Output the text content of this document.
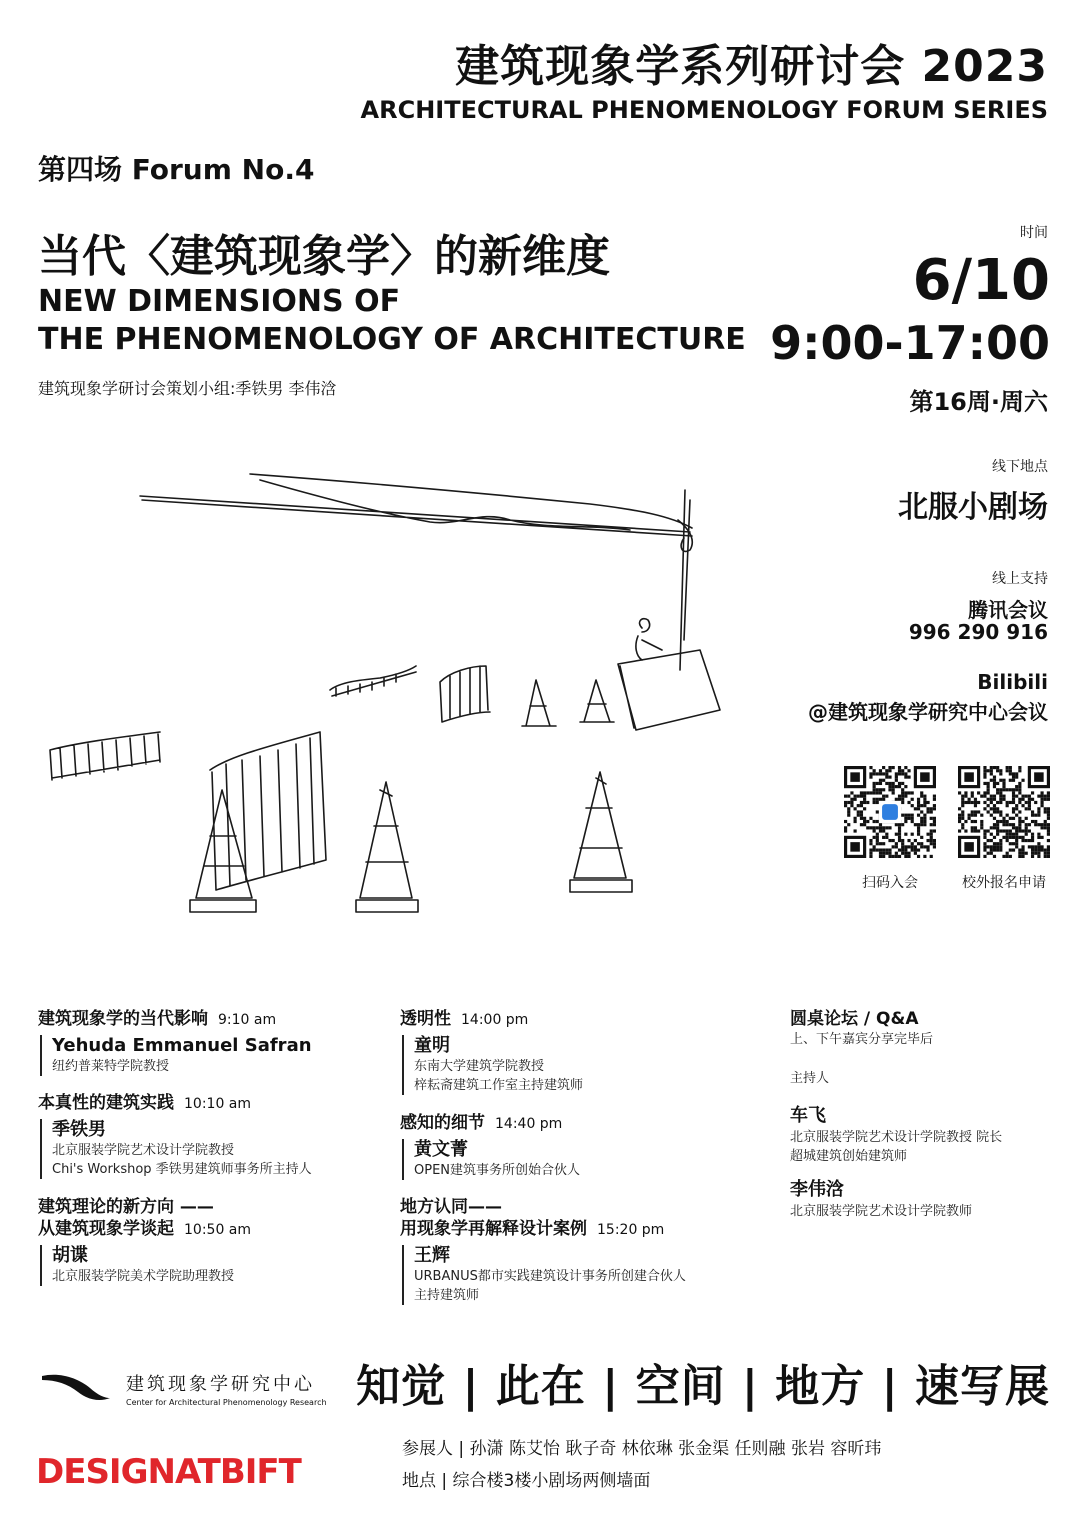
建筑现象学系列研讨会 2023
ARCHITECTURAL PHENOMENOLOGY FORUM SERIES
第四场 Forum No.4
当代〈建筑现象学〉的新维度
NEW DIMENSIONS OF
THE PHENOMENOLOGY OF ARCHITECTURE
建筑现象学研讨会策划小组:季铁男 李伟浛
时间
6/10
9:00-17:00
第16周·周六
线下地点
北服小剧场
线上支持
腾讯会议
996 290 916
Bilibili
@建筑现象学研究中心会议
扫码入会	校外报名申请
建筑现象学的当代影响 9:10 am
Yehuda Emmanuel Safran
纽约普莱特学院教授
本真性的建筑实践 10:10 am
季铁男
北京服装学院艺术设计学院教授
Chi's Workshop 季铁男建筑师事务所主持人
建筑理论的新方向 ——
从建筑现象学谈起 10:50 am
胡谍
北京服装学院美术学院助理教授
透明性 14:00 pm
童明
东南大学建筑学院教授
梓耘斋建筑工作室主持建筑师
感知的细节 14:40 pm
黄文菁
OPEN建筑事务所创始合伙人
地方认同——
用现象学再解释设计案例 15:20 pm
王辉
URBANUS都市实践建筑设计事务所创建合伙人
主持建筑师
圆桌论坛 / Q&A
上、下午嘉宾分享完毕后
主持人
车飞
北京服装学院艺术设计学院教授 院长
超城建筑创始建筑师
李伟浛
北京服装学院艺术设计学院教师
建筑现象学研究中心
Center for Architectural Phenomenology Research
DESIGNATBIFT
知觉 | 此在 | 空间 | 地方 | 速写展
参展人 | 孙潇 陈艾怡 耿子奇 林依琳 张金渠 任则融 张岩 容昕玮
地点 | 综合楼3楼小剧场两侧墙面
